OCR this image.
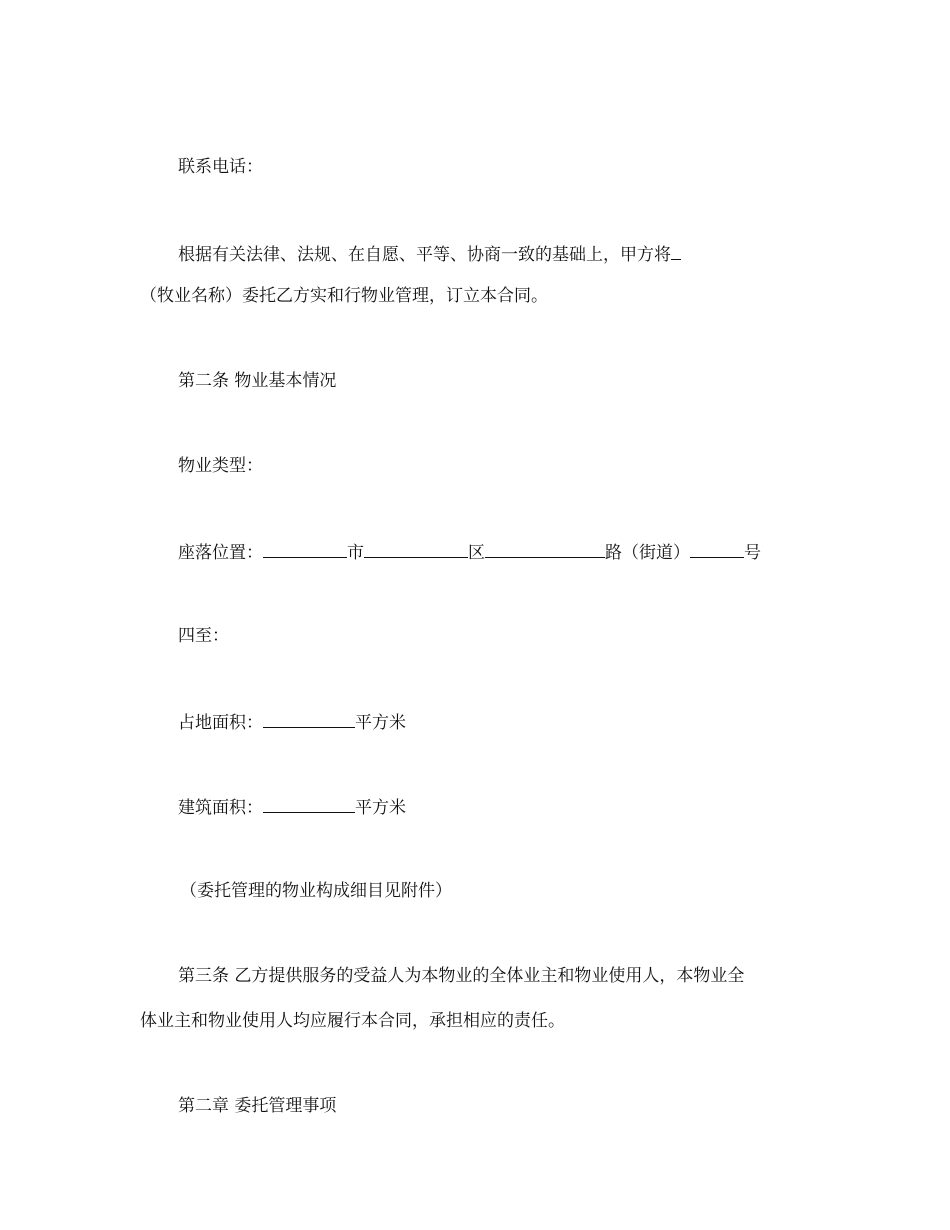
联系电话：
根据有关法律、法规、在自愿、平等、协商一致的基础上，甲方将
（牧业名称）委托乙方实和行物业管理，订立本合同。
第二条 物业基本情况
物业类型：
座落位置：	市	区	路（街道）	号
四至：
占地面积：	平方米
建筑面积：	平方米
（委托管理的物业构成细目见附件）
第三条 乙方提供服务的受益人为本物业的全体业主和物业使用人，本物业全
体业主和物业使用人均应履行本合同，承担相应的责任。
第二章 委托管理事项
